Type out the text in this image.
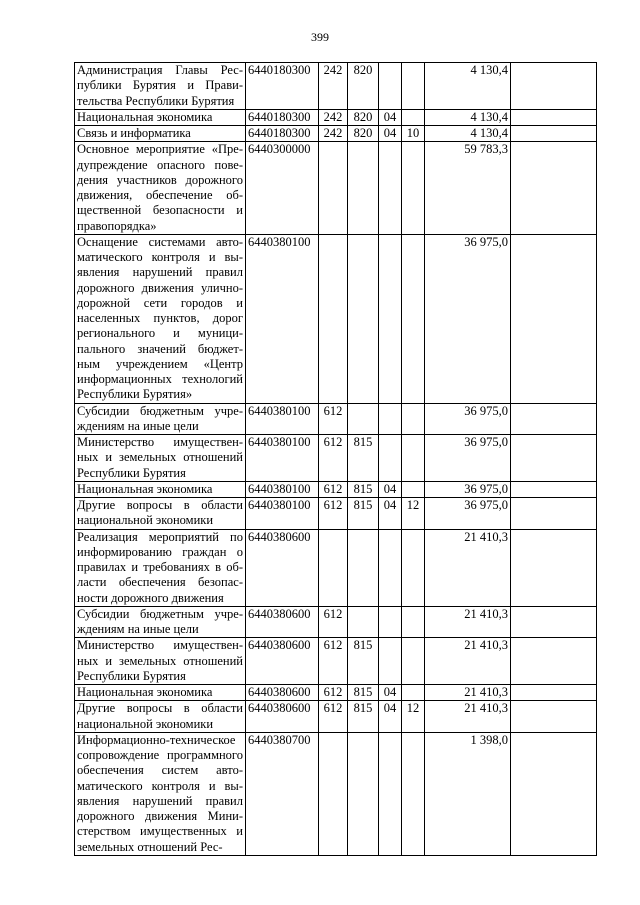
399
Администрация Главы Республики Бурятия и Правительства Республики Бурятия	6440180300	242	820			4 130,4	
Национальная экономика	6440180300	242	820	04		4 130,4	
Связь и информатика	6440180300	242	820	04	10	4 130,4	
Основное мероприятие «Предупреждение опасного поведения участников дорожного движения, обеспечение общественной безопасности и правопорядка»	6440300000					59 783,3	
Оснащение системами автоматического контроля и выявления нарушений правил дорожного движения улично-дорожной сети городов и населенных пунктов, дорог регионального и муниципального значений бюджетным учреждением «Центр информационных технологий Республики Бурятия»	6440380100					36 975,0	
Субсидии бюджетным учреждениям на иные цели	6440380100	612				36 975,0	
Министерство имущественных и земельных отношений Республики Бурятия	6440380100	612	815			36 975,0	
Национальная экономика	6440380100	612	815	04		36 975,0	
Другие вопросы в области национальной экономики	6440380100	612	815	04	12	36 975,0	
Реализация мероприятий по информированию граждан о правилах и требованиях в области обеспечения безопасности дорожного движения	6440380600					21 410,3	
Субсидии бюджетным учреждениям на иные цели	6440380600	612				21 410,3	
Министерство имущественных и земельных отношений Республики Бурятия	6440380600	612	815			21 410,3	
Национальная экономика	6440380600	612	815	04		21 410,3	
Другие вопросы в области национальной экономики	6440380600	612	815	04	12	21 410,3	
Информационно-техническое сопровождение программного обеспечения систем автоматического контроля и выявления нарушений правил дорожного движения Министерством имущественных и земельных отношений Рес-	6440380700					1 398,0	
